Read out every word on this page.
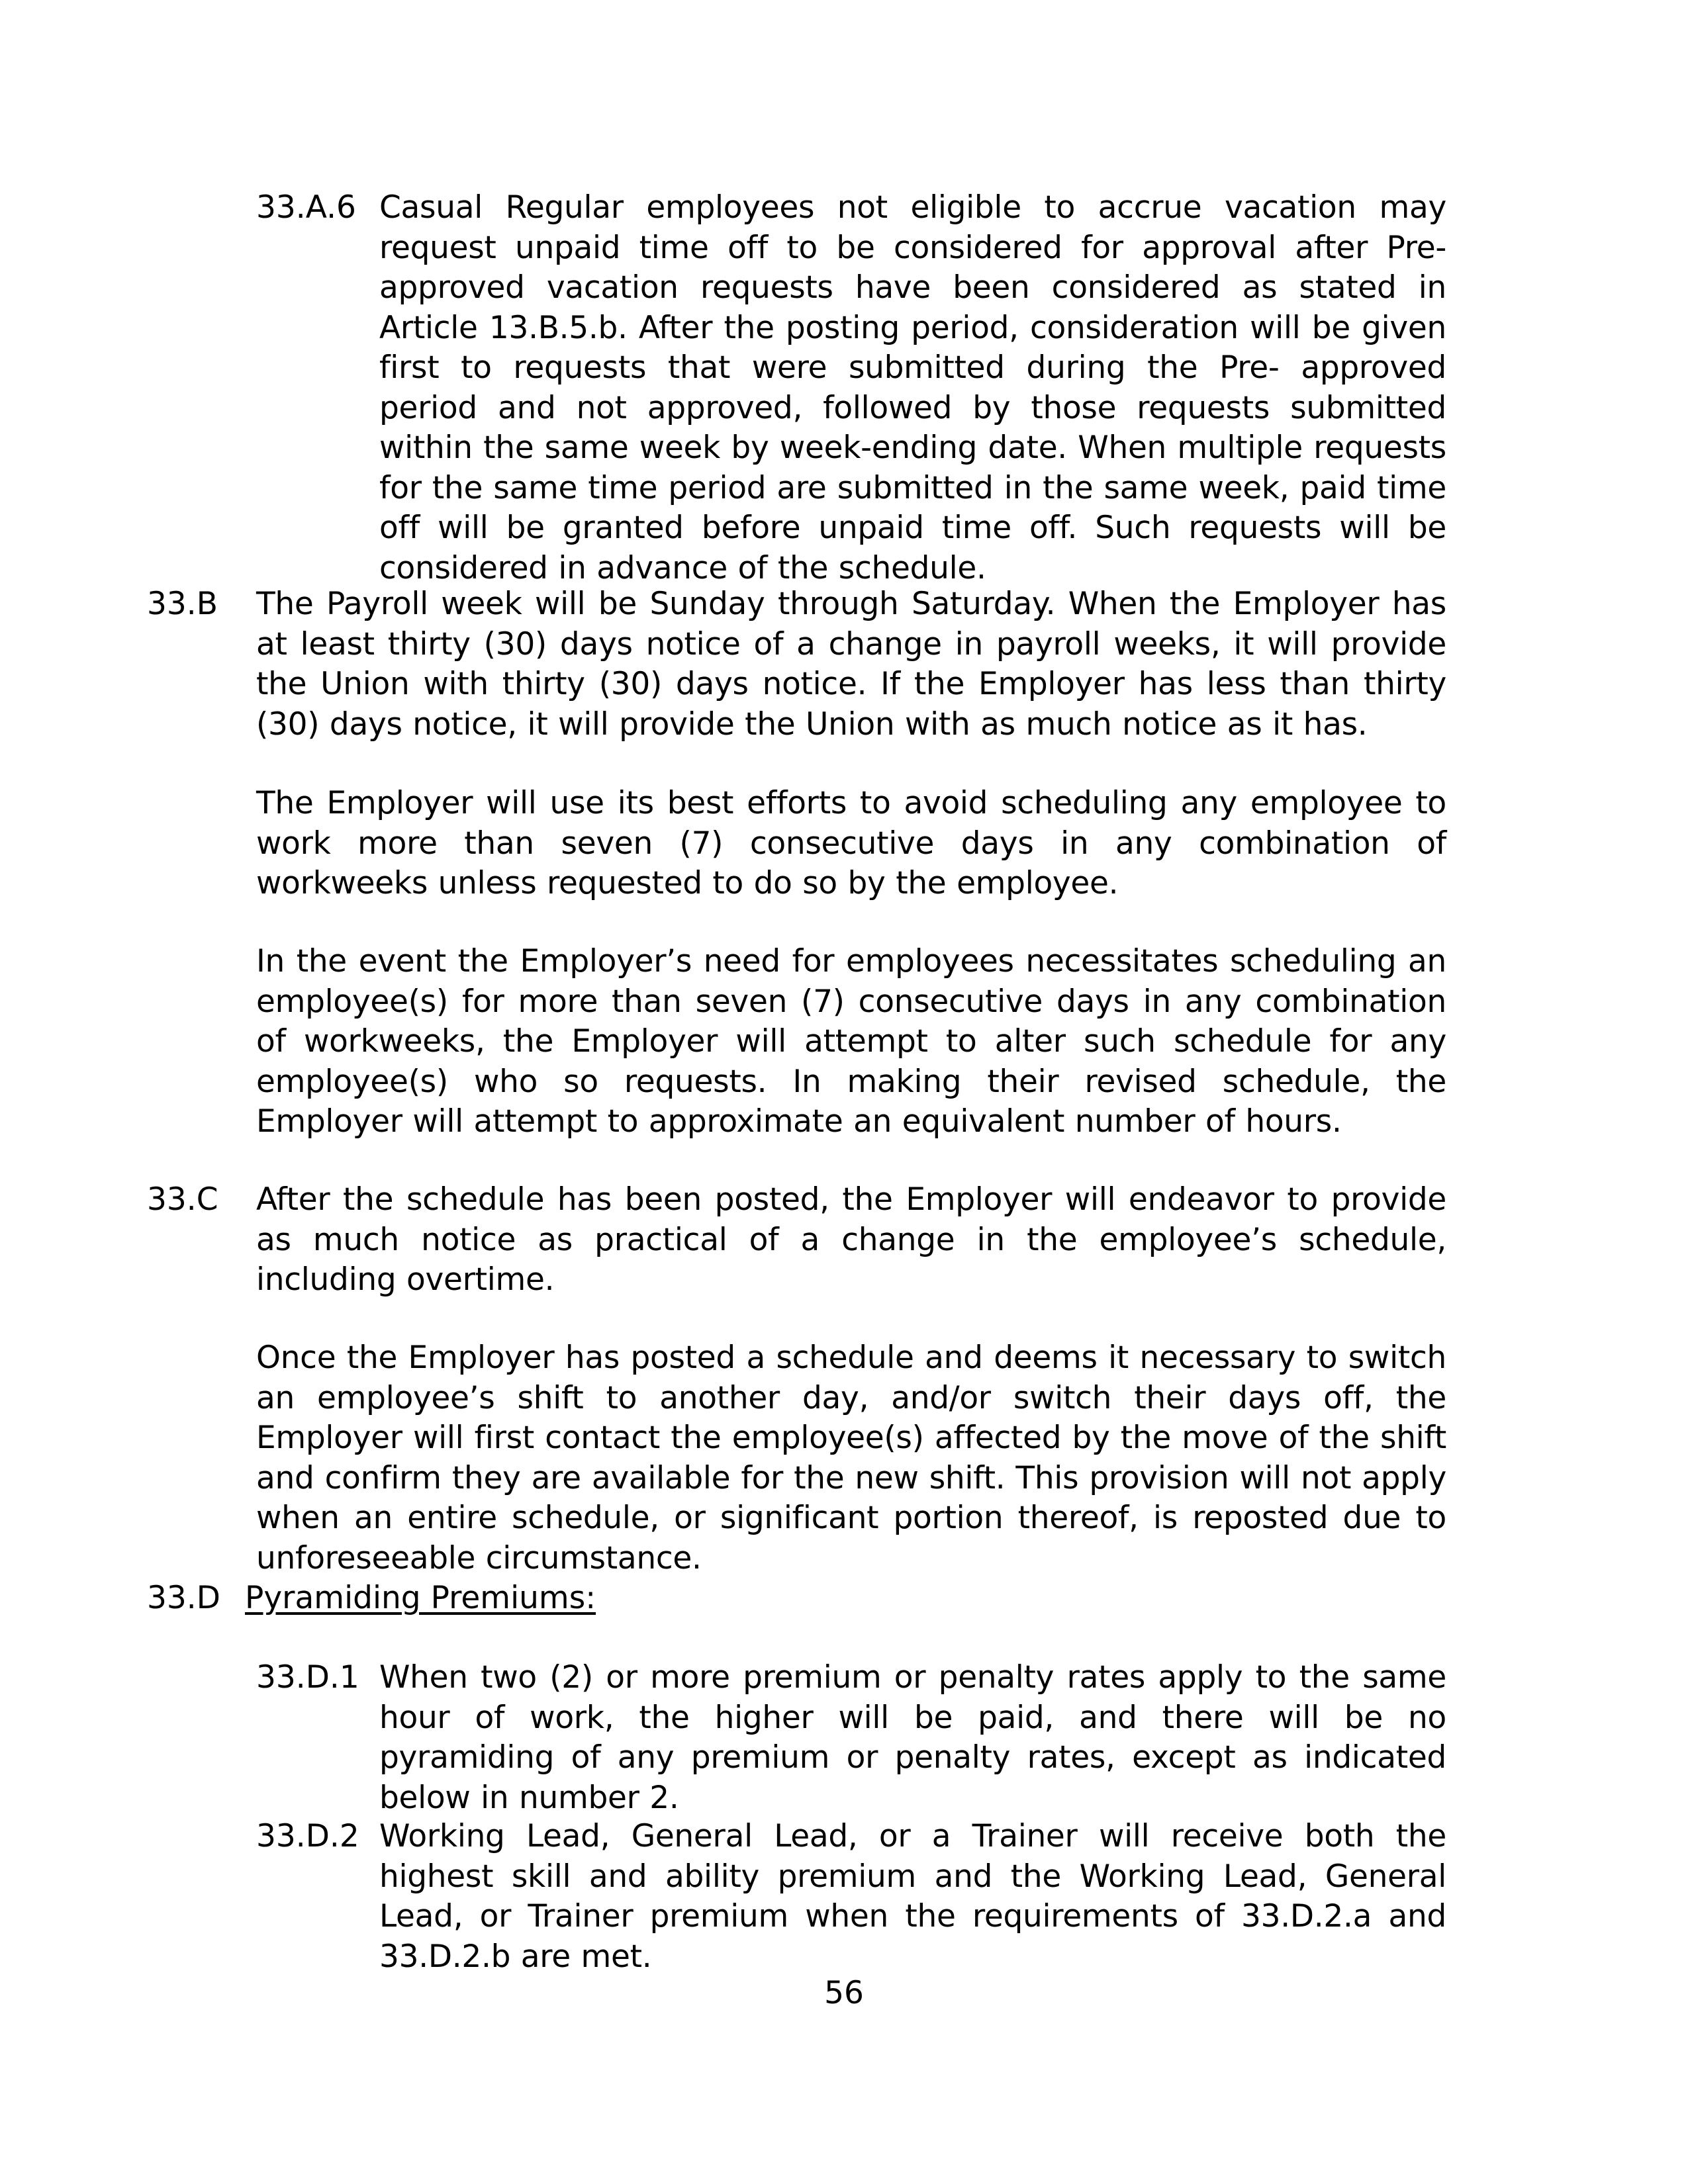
33.A.6 Casual Regular employees not eligible to accrue vacation may request unpaid time off to be considered for approval after Pre-approved vacation requests have been considered as stated in Article 13.B.5.b. After the posting period, consideration will be given first to requests that were submitted during the Pre- approved period and not approved, followed by those requests submitted within the same week by week-ending date. When multiple requests for the same time period are submitted in the same week, paid time off will be granted before unpaid time off. Such requests will be considered in advance of the schedule.
33.B The Payroll week will be Sunday through Saturday. When the Employer has at least thirty (30) days notice of a change in payroll weeks, it will provide the Union with thirty (30) days notice. If the Employer has less than thirty (30) days notice, it will provide the Union with as much notice as it has.
The Employer will use its best efforts to avoid scheduling any employee to work more than seven (7) consecutive days in any combination of workweeks unless requested to do so by the employee.
In the event the Employer’s need for employees necessitates scheduling an employee(s) for more than seven (7) consecutive days in any combination of workweeks, the Employer will attempt to alter such schedule for any employee(s) who so requests. In making their revised schedule, the Employer will attempt to approximate an equivalent number of hours.
33.C After the schedule has been posted, the Employer will endeavor to provide as much notice as practical of a change in the employee’s schedule, including overtime.
Once the Employer has posted a schedule and deems it necessary to switch an employee’s shift to another day, and/or switch their days off, the Employer will first contact the employee(s) affected by the move of the shift and confirm they are available for the new shift. This provision will not apply when an entire schedule, or significant portion thereof, is reposted due to unforeseeable circumstance.
33.D Pyramiding Premiums:
33.D.1 When two (2) or more premium or penalty rates apply to the same hour of work, the higher will be paid, and there will be no pyramiding of any premium or penalty rates, except as indicated below in number 2.
33.D.2 Working Lead, General Lead, or a Trainer will receive both the highest skill and ability premium and the Working Lead, General Lead, or Trainer premium when the requirements of 33.D.2.a and 33.D.2.b are met.
56
